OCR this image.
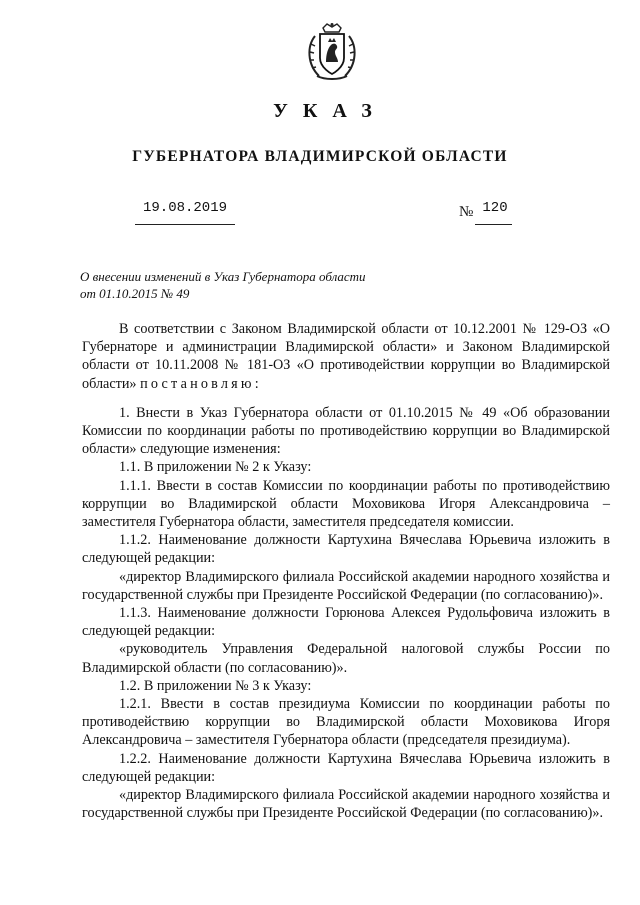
УКАЗ
ГУБЕРНАТОРА ВЛАДИМИРСКОЙ ОБЛАСТИ
19.08.2019	№ 120
О внесении изменений в Указ Губернатора области от 01.10.2015 № 49

В соответствии с Законом Владимирской области от 10.12.2001 № 129-ОЗ «О Губернаторе и администрации Владимирской области» и Законом Владимирской области от 10.11.2008 № 181-ОЗ «О противодействии коррупции во Владимирской области» постановляю:

1. Внести в Указ Губернатора области от 01.10.2015 № 49 «Об образовании Комиссии по координации работы по противодействию коррупции во Владимирской области» следующие изменения:

1.1. В приложении № 2 к Указу:

1.1.1. Ввести в состав Комиссии по координации работы по противодействию коррупции во Владимирской области Моховикова Игоря Александровича – заместителя Губернатора области, заместителя председателя комиссии.

1.1.2. Наименование должности Картухина Вячеслава Юрьевича изложить в следующей редакции:

«директор Владимирского филиала Российской академии народного хозяйства и государственной службы при Президенте Российской Федерации (по согласованию)».

1.1.3. Наименование должности Горюнова Алексея Рудольфовича изложить в следующей редакции:

«руководитель Управления Федеральной налоговой службы России по Владимирской области (по согласованию)».

1.2. В приложении № 3 к Указу:

1.2.1. Ввести в состав президиума Комиссии по координации работы по противодействию коррупции во Владимирской области Моховикова Игоря Александровича – заместителя Губернатора области (председателя президиума).

1.2.2. Наименование должности Картухина Вячеслава Юрьевича изложить в следующей редакции:

«директор Владимирского филиала Российской академии народного хозяйства и государственной службы при Президенте Российской Федерации (по согласованию)».
